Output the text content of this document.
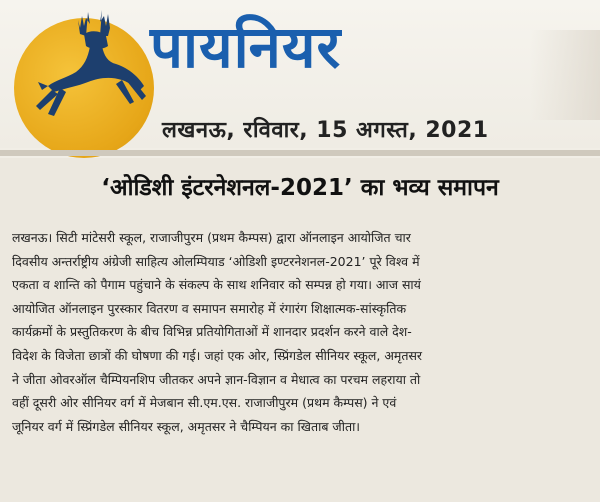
पायनियर
लखनऊ, रविवार, 15 अगस्त, 2021
‘ओडिशी इंटरनेशनल-2021’ का भव्य समापन
लखनऊ। सिटी मांटेसरी स्कूल, राजाजीपुरम (प्रथम कैम्पस) द्वारा ऑनलाइन आयोजित चार
दिवसीय अन्तर्राष्ट्रीय अंग्रेजी साहित्य ओलम्पियाड ‘ओडिशी इण्टरनेशनल-2021’ पूरे विश्व में
एकता व शान्ति को पैगाम पहुंचाने के संकल्प के साथ शनिवार को सम्पन्न हो गया। आज सायं
आयोजित ऑनलाइन पुरस्कार वितरण व समापन समारोह में रंगारंग शिक्षात्मक-सांस्कृतिक
कार्यक्रमों के प्रस्तुतिकरण के बीच विभिन्न प्रतियोगिताओं में शानदार प्रदर्शन करने वाले देश-
विदेश के विजेता छात्रों की घोषणा की गई। जहां एक ओर, स्प्रिंगडेल सीनियर स्कूल, अमृतसर
ने जीता ओवरऑल चैम्पियनशिप जीतकर अपने ज्ञान-विज्ञान व मेधात्व का परचम लहराया तो
वहीं दूसरी ओर सीनियर वर्ग में मेजबान सी.एम.एस. राजाजीपुरम (प्रथम कैम्पस) ने एवं
जूनियर वर्ग में स्प्रिंगडेल सीनियर स्कूल, अमृतसर ने चैम्पियन का खिताब जीता।
